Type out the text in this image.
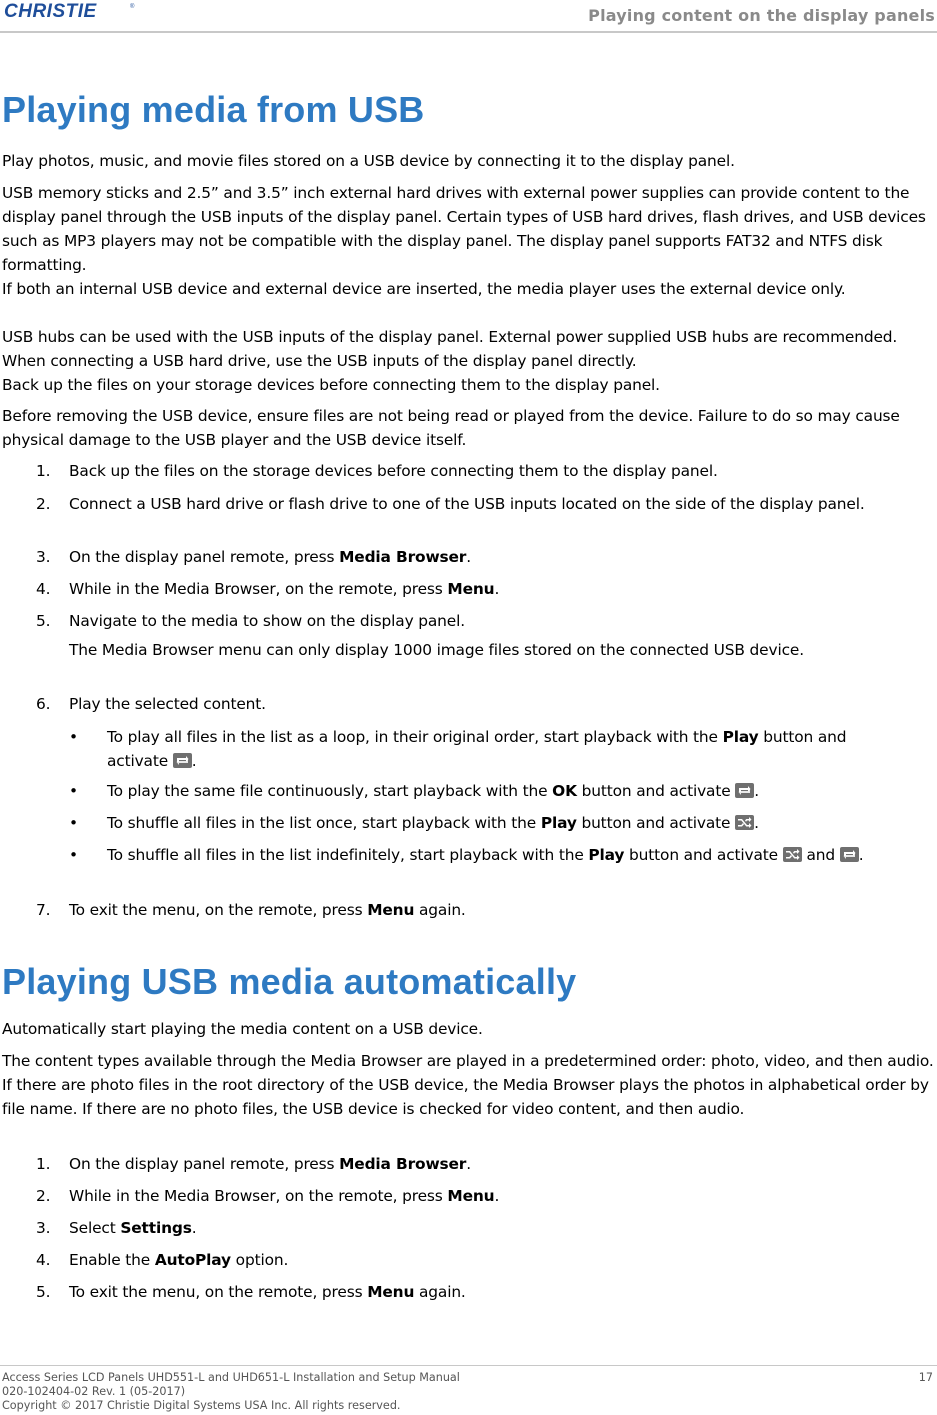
CHRISTIE	®	Playing content on the display panels
Playing media from USB

Play photos, music, and movie files stored on a USB device by connecting it to the display panel.

USB memory sticks and 2.5” and 3.5” inch external hard drives with external power supplies can provide content to the display panel through the USB inputs of the display panel. Certain types of USB hard drives, flash drives, and USB devices such as MP3 players may not be compatible with the display panel. The display panel supports FAT32 and NTFS disk formatting.

If both an internal USB device and external device are inserted, the media player uses the external device only.

USB hubs can be used with the USB inputs of the display panel. External power supplied USB hubs are recommended. When connecting a USB hard drive, use the USB inputs of the display panel directly.

Back up the files on your storage devices before connecting them to the display panel.

Before removing the USB device, ensure files are not being read or played from the device. Failure to do so may cause physical damage to the USB player and the USB device itself.

1.	Back up the files on the storage devices before connecting them to the display panel.
2.	Connect a USB hard drive or flash drive to one of the USB inputs located on the side of the display panel.
3.	On the display panel remote, press Media Browser.
4.	While in the Media Browser, on the remote, press Menu.
5.	Navigate to the media to show on the display panel.

The Media Browser menu can only display 1000 image files stored on the connected USB device.

6.	Play the selected content.
• To play all files in the list as a loop, in their original order, start playback with the Play button and activate
.
• To play the same file continuously, start playback with the OK button and activate
.
• To shuffle all files in the list once, start playback with the Play button and activate
.
• To shuffle all files in the list indefinitely, start playback with the Play button and activate
and
.
7.	To exit the menu, on the remote, press Menu again.
Playing USB media automatically

Automatically start playing the media content on a USB device.

The content types available through the Media Browser are played in a predetermined order: photo, video, and then audio. If there are photo files in the root directory of the USB device, the Media Browser plays the photos in alphabetical order by file name. If there are no photo files, the USB device is checked for video content, and then audio.

1.	On the display panel remote, press Media Browser.
2.	While in the Media Browser, on the remote, press Menu.
3.	Select Settings.
4.	Enable the AutoPlay option.
5.	To exit the menu, on the remote, press Menu again.
Access Series LCD Panels UHD551-L and UHD651-L Installation and Setup Manual
020-102404-02 Rev. 1 (05-2017)
Copyright © 2017 Christie Digital Systems USA Inc. All rights reserved.
17
